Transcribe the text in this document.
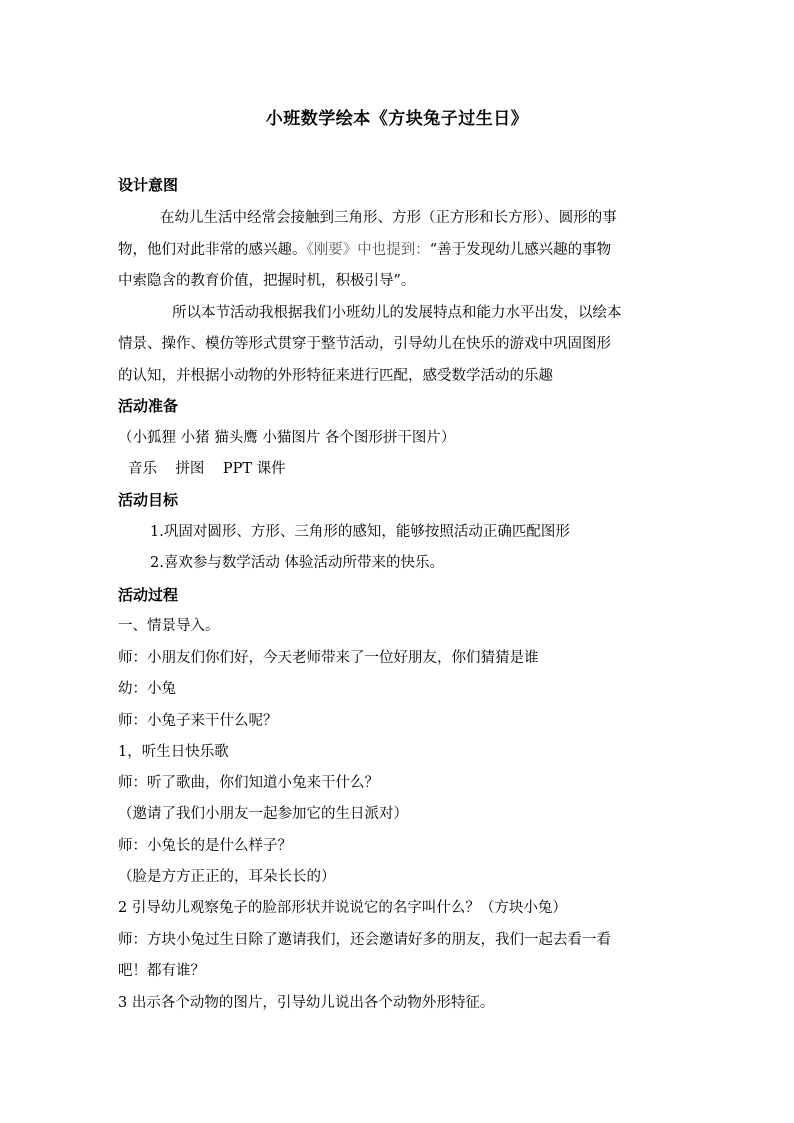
小班数学绘本《方块兔子过生日》
设计意图
在幼儿生活中经常会接触到三角形、方形（正方形和长方形）、圆形的事
物，他们对此非常的感兴趣。《刚要》中也提到：“善于发现幼儿感兴趣的事物
中索隐含的教育价值，把握时机，积极引导”。
所以本节活动我根据我们小班幼儿的发展特点和能力水平出发，以绘本
情景、操作、模仿等形式贯穿于整节活动，引导幼儿在快乐的游戏中巩固图形
的认知，并根据小动物的外形特征来进行匹配，感受数学活动的乐趣
活动准备
（小狐狸 小猪 猫头鹰 小猫图片 各个图形拼干图片）
音乐    拼图    PPT 课件
活动目标
1.巩固对圆形、方形、三角形的感知，能够按照活动正确匹配图形
2.喜欢参与数学活动 体验活动所带来的快乐。
活动过程
一、情景导入。
师：小朋友们你们好，今天老师带来了一位好朋友，你们猜猜是谁
幼：小兔
师：小兔子来干什么呢？
1，听生日快乐歌
师：听了歌曲，你们知道小兔来干什么？
（邀请了我们小朋友一起参加它的生日派对）
师：小兔长的是什么样子？
（脸是方方正正的，耳朵长长的）
2 引导幼儿观察兔子的脸部形状并说说它的名字叫什么？（方块小兔）
师：方块小兔过生日除了邀请我们，还会邀请好多的朋友，我们一起去看一看
吧！都有谁？
3 出示各个动物的图片，引导幼儿说出各个动物外形特征。
